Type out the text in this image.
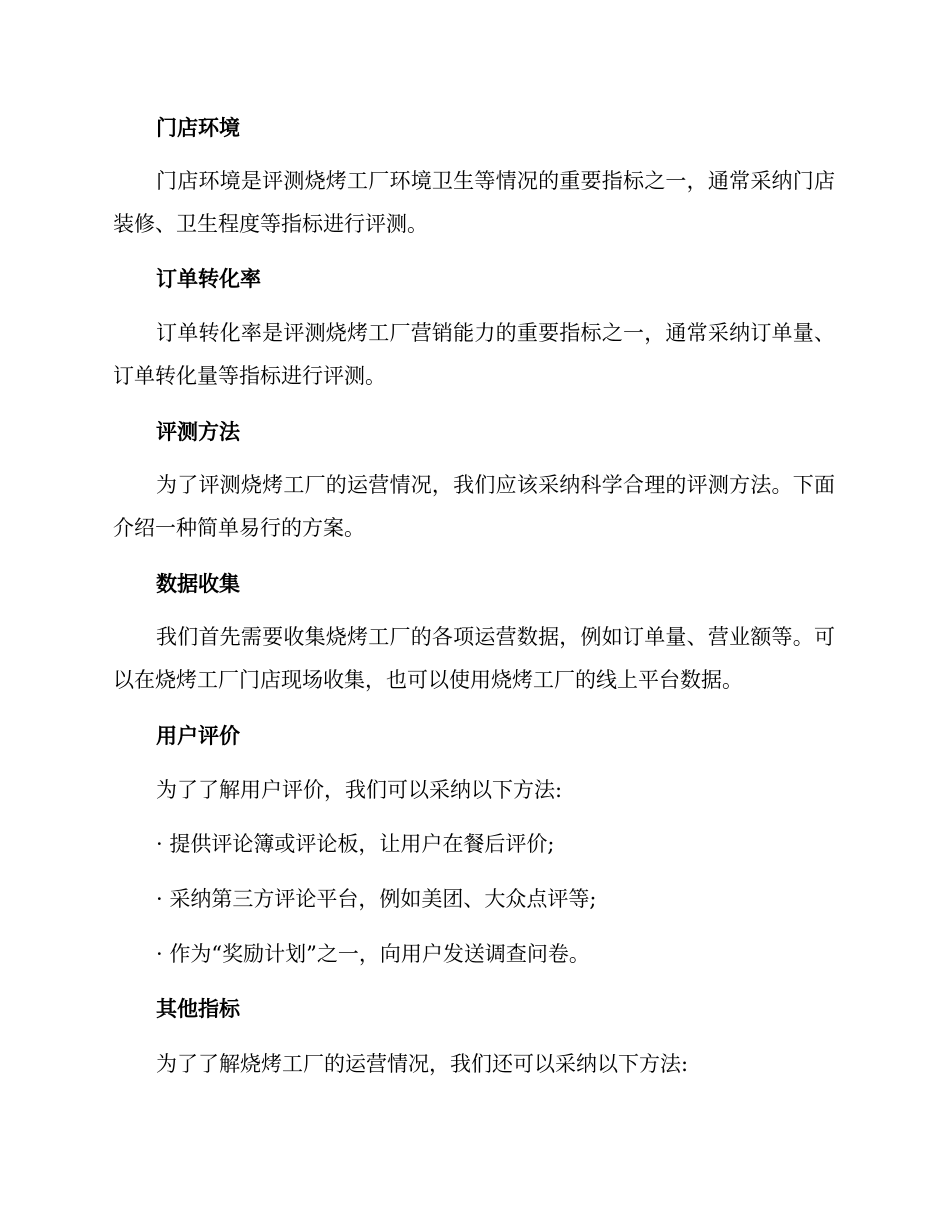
门店环境
门店环境是评测烧烤工厂环境卫生等情况的重要指标之一，通常采纳门店装修、卫生程度等指标进行评测。
订单转化率
订单转化率是评测烧烤工厂营销能力的重要指标之一，通常采纳订单量、订单转化量等指标进行评测。
评测方法
为了评测烧烤工厂的运营情况，我们应该采纳科学合理的评测方法。下面介绍一种简单易行的方案。
数据收集
我们首先需要收集烧烤工厂的各项运营数据，例如订单量、营业额等。可以在烧烤工厂门店现场收集，也可以使用烧烤工厂的线上平台数据。
用户评价
为了了解用户评价，我们可以采纳以下方法:
· 提供评论簿或评论板，让用户在餐后评价;
· 采纳第三方评论平台，例如美团、大众点评等;
· 作为“奖励计划”之一，向用户发送调查问卷。
其他指标
为了了解烧烤工厂的运营情况，我们还可以采纳以下方法:
